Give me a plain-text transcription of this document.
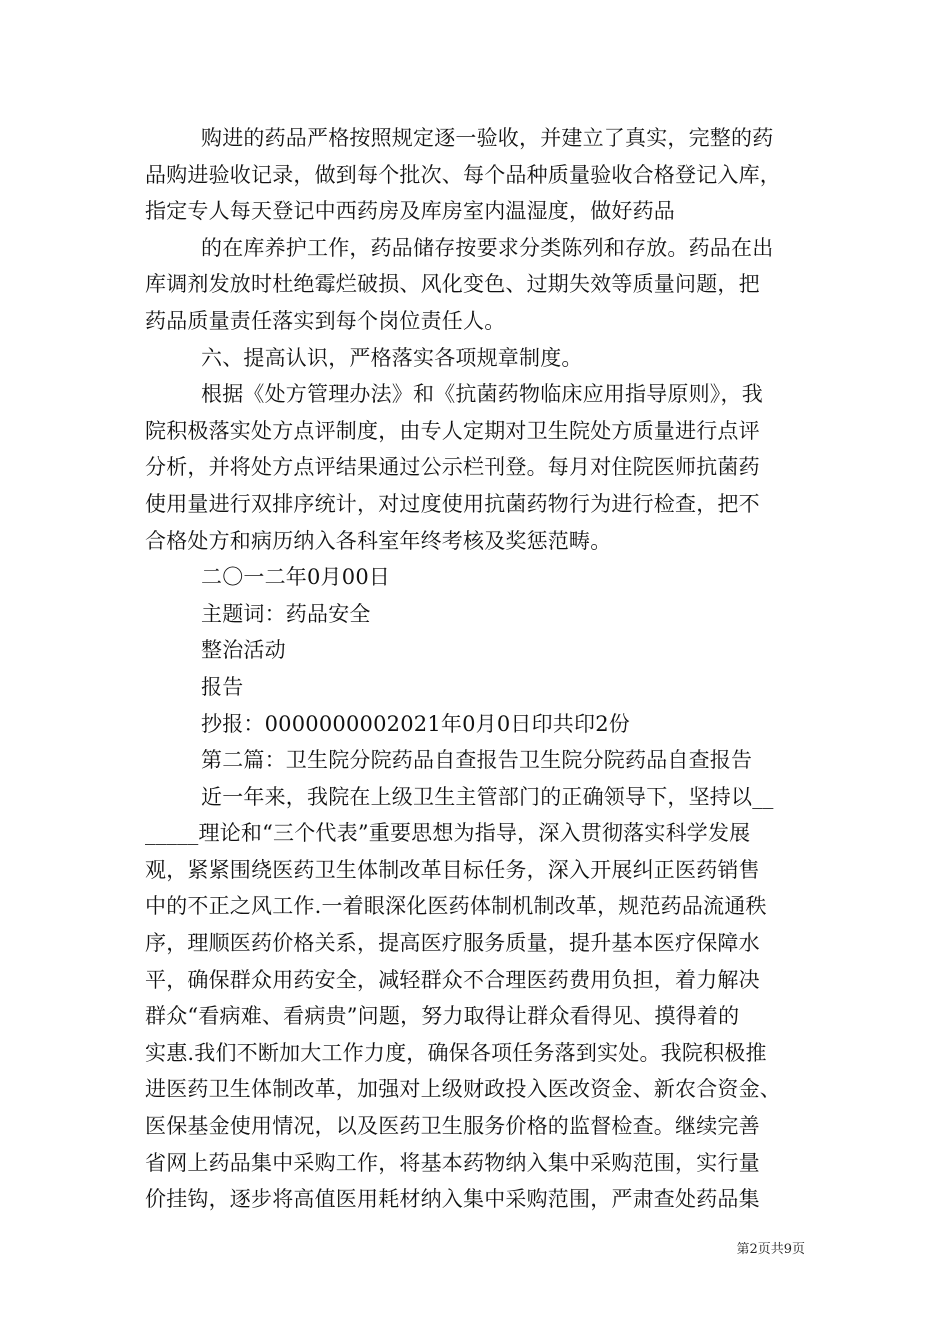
购进的药品严格按照规定逐一验收，并建立了真实，完整的药
品购进验收记录，做到每个批次、每个品种质量验收合格登记入库，
指定专人每天登记中西药房及库房室内温湿度，做好药品
的在库养护工作，药品储存按要求分类陈列和存放。药品在出
库调剂发放时杜绝霉烂破损、风化变色、过期失效等质量问题，把
药品质量责任落实到每个岗位责任人。
六、提高认识，严格落实各项规章制度。
根据《处方管理办法》和《抗菌药物临床应用指导原则》，我
院积极落实处方点评制度，由专人定期对卫生院处方质量进行点评
分析，并将处方点评结果通过公示栏刊登。每月对住院医师抗菌药
使用量进行双排序统计，对过度使用抗菌药物行为进行检查，把不
合格处方和病历纳入各科室年终考核及奖惩范畴。
二〇一二年0月00日
主题词：药品安全
整治活动
报告
抄报：0000000002021年0月0日印共印2份
第二篇：卫生院分院药品自查报告卫生院分院药品自查报告
近一年来，我院在上级卫生主管部门的正确领导下，坚持以__
_____理论和“三个代表”重要思想为指导，深入贯彻落实科学发展
观，紧紧围绕医药卫生体制改革目标任务，深入开展纠正医药销售
中的不正之风工作.一着眼深化医药体制机制改革，规范药品流通秩
序，理顺医药价格关系，提高医疗服务质量，提升基本医疗保障水
平，确保群众用药安全，减轻群众不合理医药费用负担，着力解决
群众“看病难、看病贵”问题，努力取得让群众看得见、摸得着的
实惠.我们不断加大工作力度，确保各项任务落到实处。我院积极推
进医药卫生体制改革，加强对上级财政投入医改资金、新农合资金、
医保基金使用情况，以及医药卫生服务价格的监督检查。继续完善
省网上药品集中采购工作，将基本药物纳入集中采购范围，实行量
价挂钩，逐步将高值医用耗材纳入集中采购范围，严肃查处药品集
第2页共9页
